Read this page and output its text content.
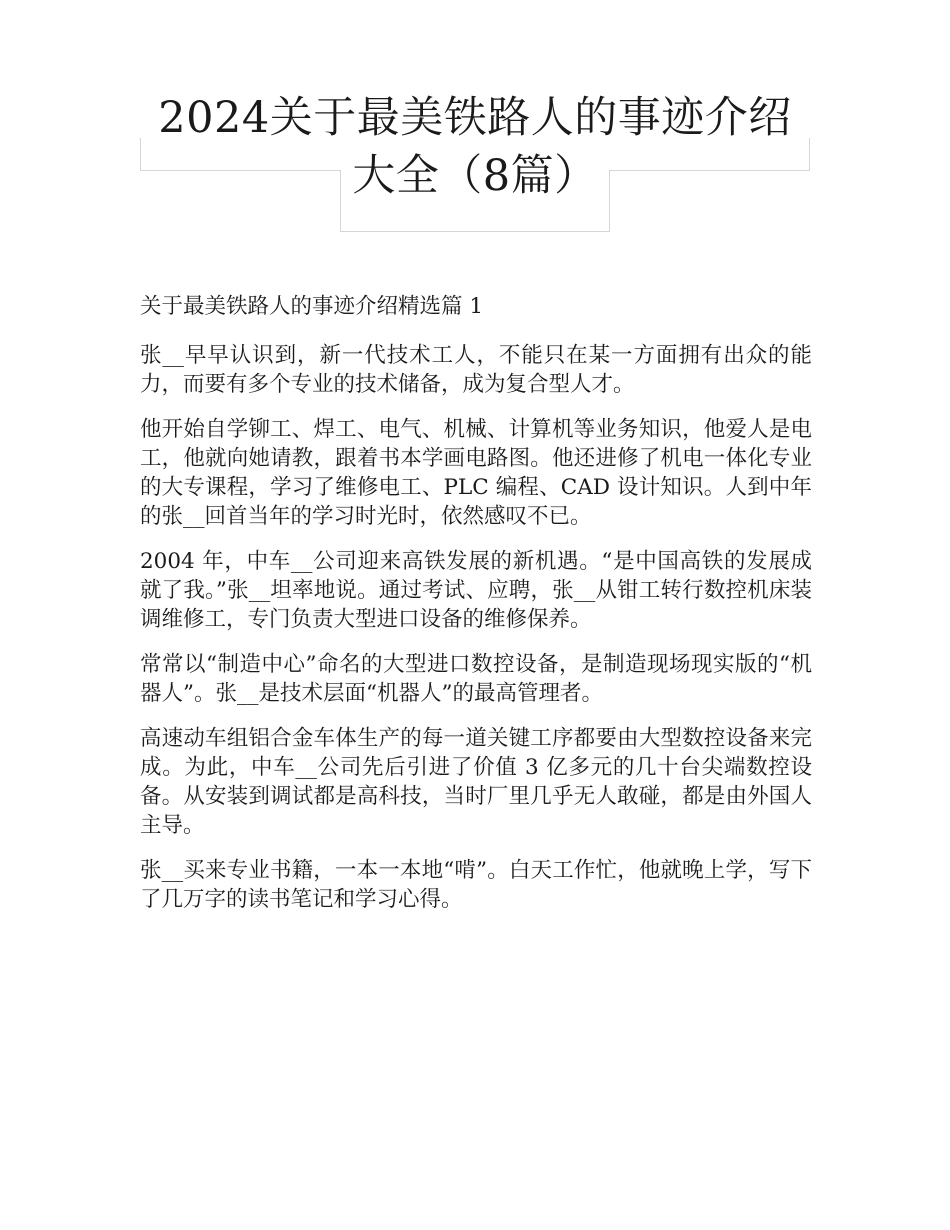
2024关于最美铁路人的事迹介绍
大全（8篇）

关于最美铁路人的事迹介绍精选篇 1

张__早早认识到，新一代技术工人，不能只在某一方面拥有出众的能力，而要有多个专业的技术储备，成为复合型人才。

他开始自学铆工、焊工、电气、机械、计算机等业务知识，他爱人是电工，他就向她请教，跟着书本学画电路图。他还进修了机电一体化专业的大专课程，学习了维修电工、PLC 编程、CAD 设计知识。人到中年的张__回首当年的学习时光时，依然感叹不已。

2004 年，中车__公司迎来高铁发展的新机遇。“是中国高铁的发展成就了我。”张__坦率地说。通过考试、应聘，张__从钳工转行数控机床装调维修工，专门负责大型进口设备的维修保养。

常常以“制造中心”命名的大型进口数控设备，是制造现场现实版的“机器人”。张__是技术层面“机器人”的最高管理者。

高速动车组铝合金车体生产的每一道关键工序都要由大型数控设备来完成。为此，中车__公司先后引进了价值 3 亿多元的几十台尖端数控设备。从安装到调试都是高科技，当时厂里几乎无人敢碰，都是由外国人主导。

张__买来专业书籍，一本一本地“啃”。白天工作忙，他就晚上学，写下了几万字的读书笔记和学习心得。
